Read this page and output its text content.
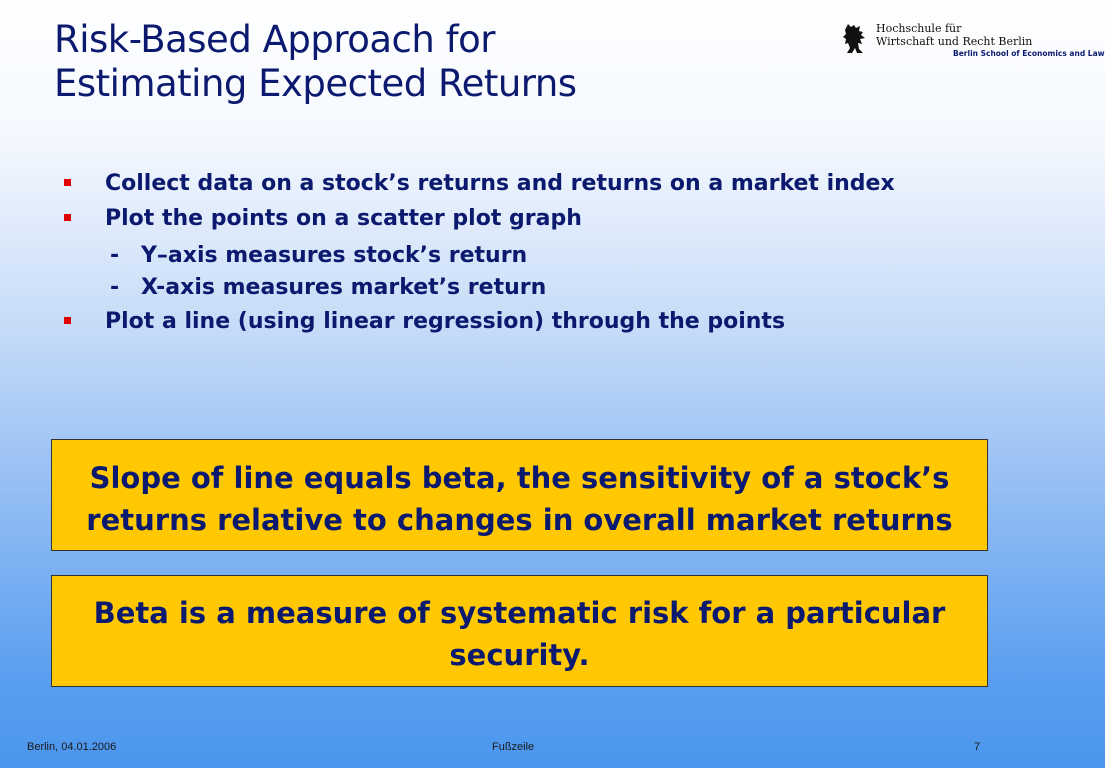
Risk-Based Approach for
Estimating Expected Returns
Hochschule für
Wirtschaft und Recht Berlin
Berlin School of Economics and Law
Collect data on a stock’s returns and returns on a market index
Plot the points on a scatter plot graph
- Y–axis measures stock’s return
- X-axis measures market’s return
Plot a line (using linear regression) through the points
Slope of line equals beta, the sensitivity of a stock’s returns relative to changes in overall market returns
Beta is a measure of systematic risk for a particular security.
Berlin, 04.01.2006	Fußzeile	7
